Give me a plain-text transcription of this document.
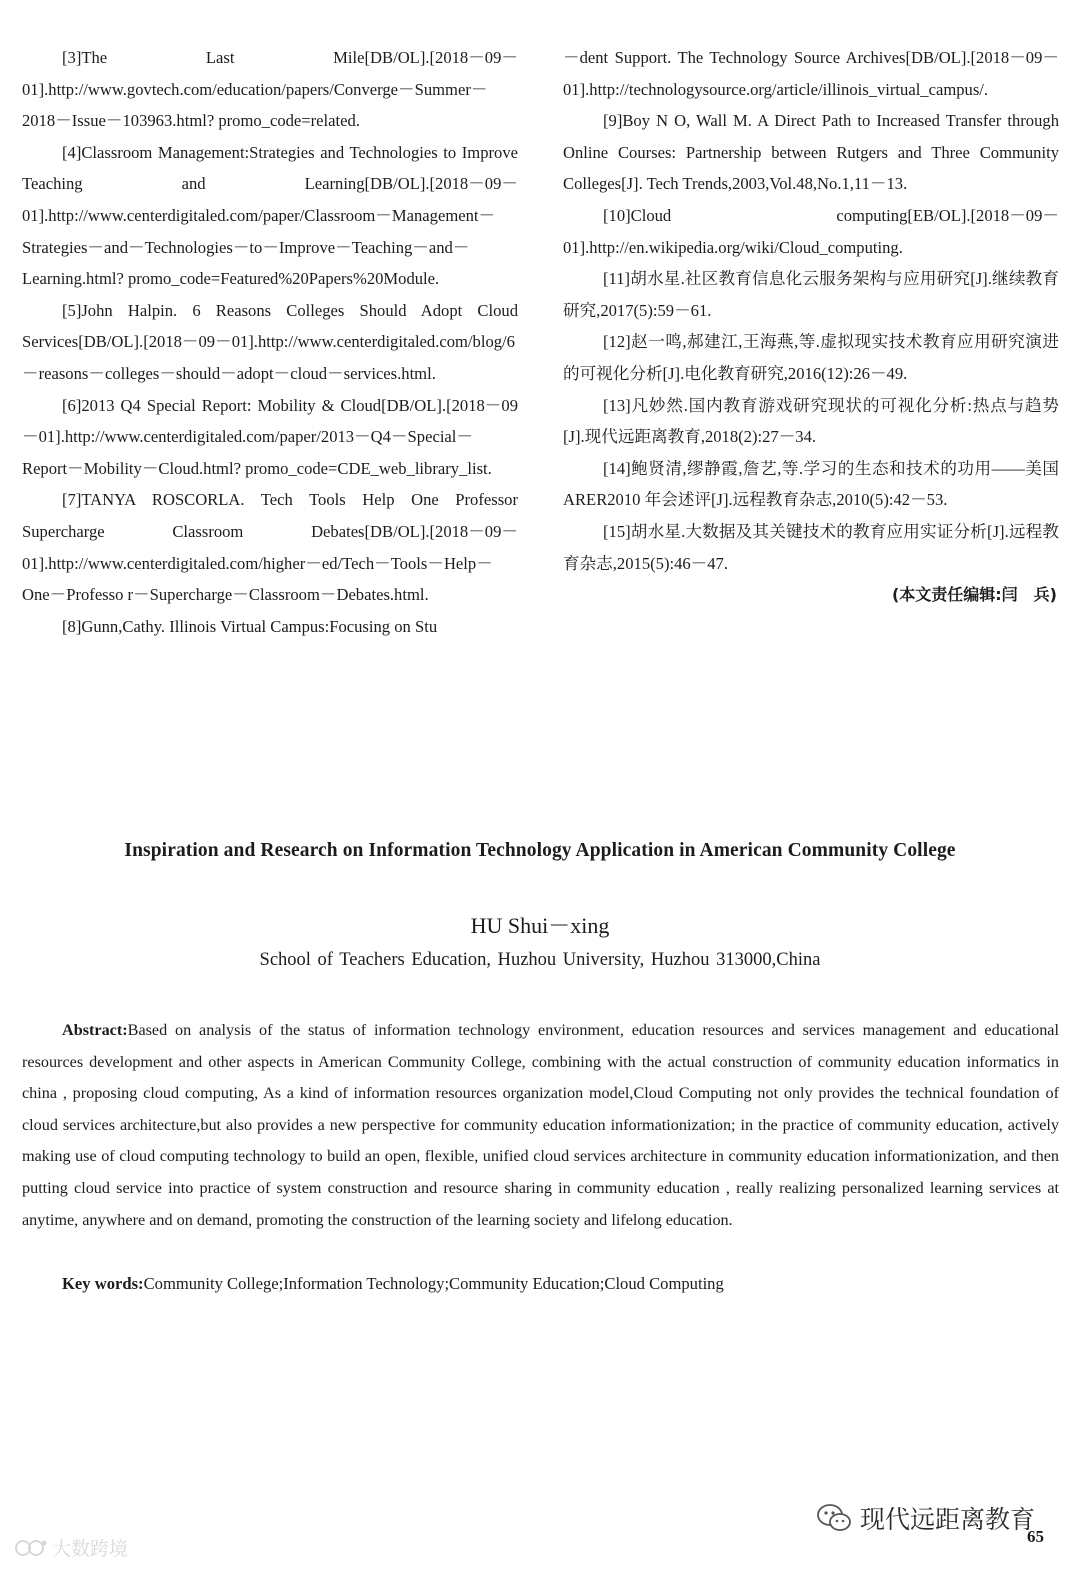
[3]The Last Mile[DB/OL].[2018－09－01].http://www.govtech.com/education/papers/Converge－Summer－2018－Issue－103963.html? promo_code=related.

[4]Classroom Management:Strategies and Technologies to Improve Teaching and Learning[DB/OL].[2018－09－01].http://www.centerdigitaled.com/paper/Classroom－Management－Strategies－and－Technologies－to－Improve－Teaching－and－Learning.html? promo_code=Featured%20Papers%20Module.

[5]John Halpin. 6 Reasons Colleges Should Adopt Cloud Services[DB/OL].[2018－09－01].http://www.centerdigitaled.com/blog/6－reasons－colleges－should－adopt－cloud－services.html.

[6]2013 Q4 Special Report: Mobility & Cloud[DB/OL].[2018－09－01].http://www.centerdigitaled.com/paper/2013－Q4－Special－Report－Mobility－Cloud.html? promo_code=CDE_web_library_list.

[7]TANYA ROSCORLA. Tech Tools Help One Professor Supercharge Classroom Debates[DB/OL].[2018－09－01].http://www.centerdigitaled.com/higher－ed/Tech－Tools－Help－One－Professo r－Supercharge－Classroom－Debates.html.

[8]Gunn,Cathy. Illinois Virtual Campus:Focusing on Stu

－dent Support. The Technology Source Archives[DB/OL].[2018－09－01].http://technologysource.org/article/illinois_virtual_campus/.

[9]Boy N O, Wall M. A Direct Path to Increased Transfer through Online Courses: Partnership between Rutgers and Three Community Colleges[J]. Tech Trends,2003,Vol.48,No.1,11－13.

[10]Cloud computing[EB/OL].[2018－09－01].http://en.wikipedia.org/wiki/Cloud_computing.

[11]胡水星.社区教育信息化云服务架构与应用研究[J].继续教育研究,2017(5):59－61.

[12]赵一鸣,郝建江,王海燕,等.虚拟现实技术教育应用研究演进的可视化分析[J].电化教育研究,2016(12):26－49.

[13]凡妙然.国内教育游戏研究现状的可视化分析:热点与趋势[J].现代远距离教育,2018(2):27－34.

[14]鲍贤清,缪静霞,詹艺,等.学习的生态和技术的功用——美国 ARER2010 年会述评[J].远程教育杂志,2010(5):42－53.

[15]胡水星.大数据及其关键技术的教育应用实证分析[J].远程教育杂志,2015(5):46－47.

(本文责任编辑:闫　兵)
Inspiration and Research on Information Technology Application in American Community College
HU Shui－xing
School of Teachers Education, Huzhou University, Huzhou 313000,China

Abstract:Based on analysis of the status of information technology environment, education resources and services management and educational resources development and other aspects in American Community College, combining with the actual construction of community education informatics in china , proposing cloud computing, As a kind of information resources organization model,Cloud Computing not only provides the technical foundation of cloud services architecture,but also provides a new perspective for community education informationization; in the practice of community education, actively making use of cloud computing technology to build an open, flexible, unified cloud services architecture in community education informationization, and then putting cloud service into practice of system construction and resource sharing in community education , really realizing personalized learning services at anytime, anywhere and on demand, promoting the construction of the learning society and lifelong education.

Key words:Community College;Information Technology;Community Education;Cloud Computing
现代远距离教育
65
大数跨境
